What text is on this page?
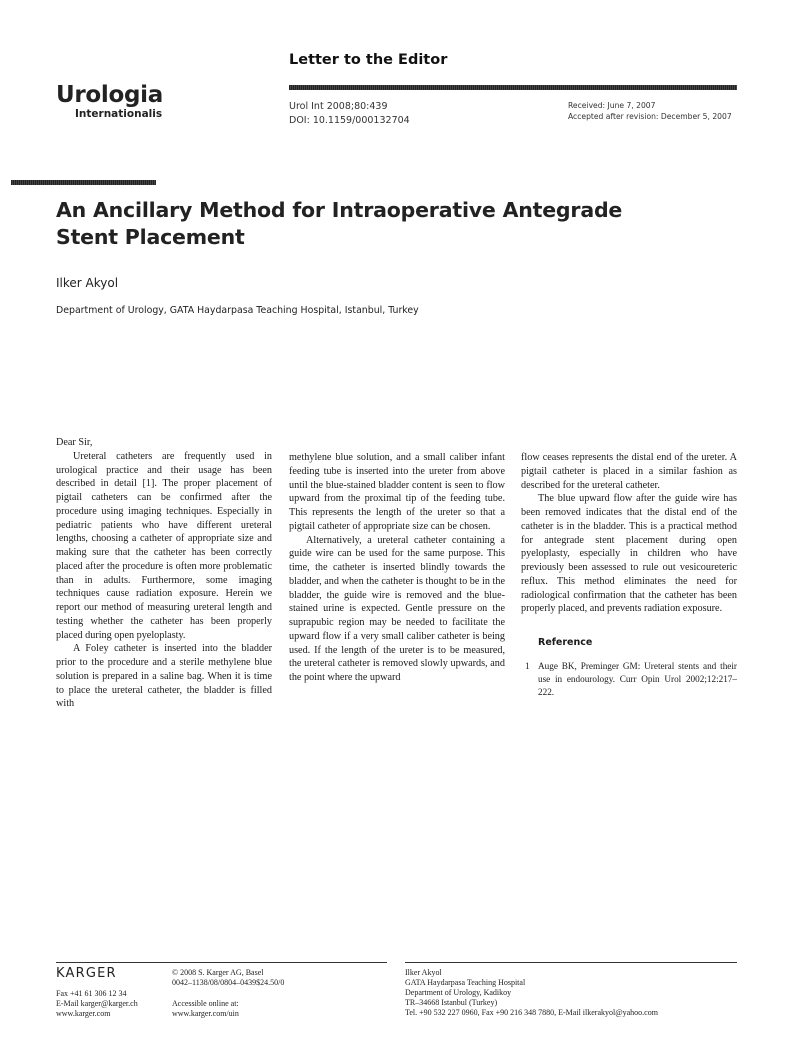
Letter to the Editor
Urologia
Internationalis
Urol Int 2008;80:439
DOI: 10.1159/000132704
Received: June 7, 2007
Accepted after revision: December 5, 2007
An Ancillary Method for Intraoperative Antegrade
Stent Placement
Ilker Akyol
Department of Urology, GATA Haydarpasa Teaching Hospital, Istanbul, Turkey

Dear Sir,

Ureteral catheters are frequently used in urological practice and their usage has been described in detail [1]. The proper placement of pigtail catheters can be confirmed after the procedure using imaging techniques. Especially in pediatric patients who have different ureteral lengths, choosing a catheter of appropriate size and making sure that the catheter has been correctly placed after the procedure is often more problematic than in adults. Furthermore, some imaging techniques cause radiation exposure. Herein we report our method of measuring ureteral length and testing whether the catheter has been properly placed during open pyeloplasty.

A Foley catheter is inserted into the bladder prior to the procedure and a sterile methylene blue solution is prepared in a saline bag. When it is time to place the ureteral catheter, the bladder is filled with

methylene blue solution, and a small caliber infant feeding tube is inserted into the ureter from above until the blue-stained bladder content is seen to flow upward from the proximal tip of the feeding tube. This represents the length of the ureter so that a pigtail catheter of appropriate size can be chosen.

Alternatively, a ureteral catheter containing a guide wire can be used for the same purpose. This time, the catheter is inserted blindly towards the bladder, and when the catheter is thought to be in the bladder, the guide wire is removed and the blue-stained urine is expected. Gentle pressure on the suprapubic region may be needed to facilitate the upward flow if a very small caliber catheter is being used. If the length of the ureter is to be measured, the ureteral catheter is removed slowly upwards, and the point where the upward

flow ceases represents the distal end of the ureter. A pigtail catheter is placed in a similar fashion as described for the ureteral catheter.

The blue upward flow after the guide wire has been removed indicates that the distal end of the catheter is in the bladder. This is a practical method for antegrade stent placement during open pyeloplasty, especially in children who have previously been assessed to rule out vesicoureteric reflux. This method eliminates the need for radiological confirmation that the catheter has been properly placed, and prevents radiation exposure.

Reference
1 Auge BK, Preminger GM: Ureteral stents and their use in endourology. Curr Opin Urol 2002;12:217–222.
KARGER
Fax +41 61 306 12 34
E-Mail karger@karger.ch
www.karger.com
© 2008 S. Karger AG, Basel
0042–1138/08/0804–0439$24.50/0
Accessible online at:
www.karger.com/uin
Ilker Akyol
GATA Haydarpasa Teaching Hospital
Department of Urology, Kadikoy
TR–34668 Istanbul (Turkey)
Tel. +90 532 227 0960, Fax +90 216 348 7880, E-Mail ilkerakyol@yahoo.com
